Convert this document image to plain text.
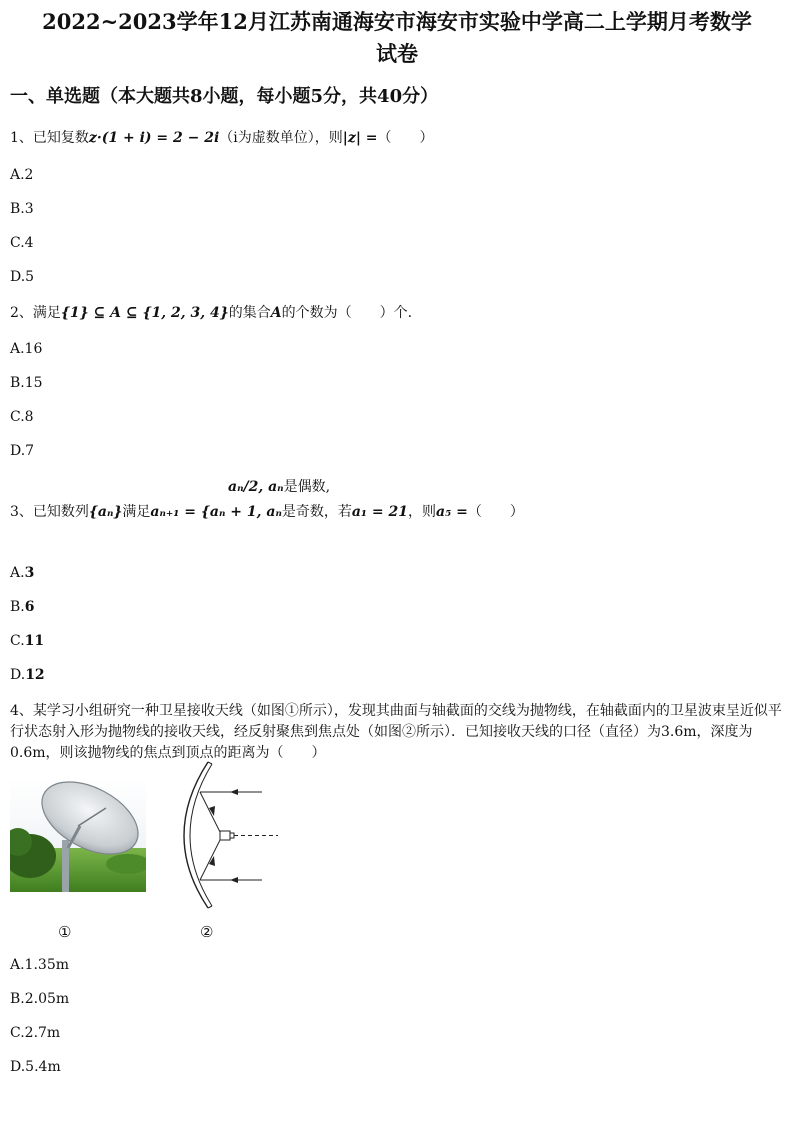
2022~2023学年12月江苏南通海安市海安市实验中学高二上学期月考数学
试卷
一、单选题（本大题共8小题，每小题5分，共40分）
1、已知复数z·(1 + i) = 2 − 2i（i为虚数单位），则|z| =（　　）
A.2
B.3
C.4
D.5
2、满足{1} ⊆ A ⊆ {1, 2, 3, 4}的集合A的个数为（　　）个.
A.16
B.15
C.8
D.7
aₙ/2, aₙ是偶数,
3、已知数列{aₙ}满足aₙ₊₁ = {aₙ + 1, aₙ是奇数，若a₁ = 21，则a₅ =（　　）
A.3
B.6
C.11
D.12
4、某学习小组研究一种卫星接收天线（如图①所示），发现其曲面与轴截面的交线为抛物线，在轴截面内的卫星波束呈近似平行状态射入形为抛物线的接收天线，经反射聚焦到焦点处（如图②所示）．已知接收天线的口径（直径）为3.6m，深度为0.6m，则该抛物线的焦点到顶点的距离为（　　）
①	②
A.1.35m
B.2.05m
C.2.7m
D.5.4m
